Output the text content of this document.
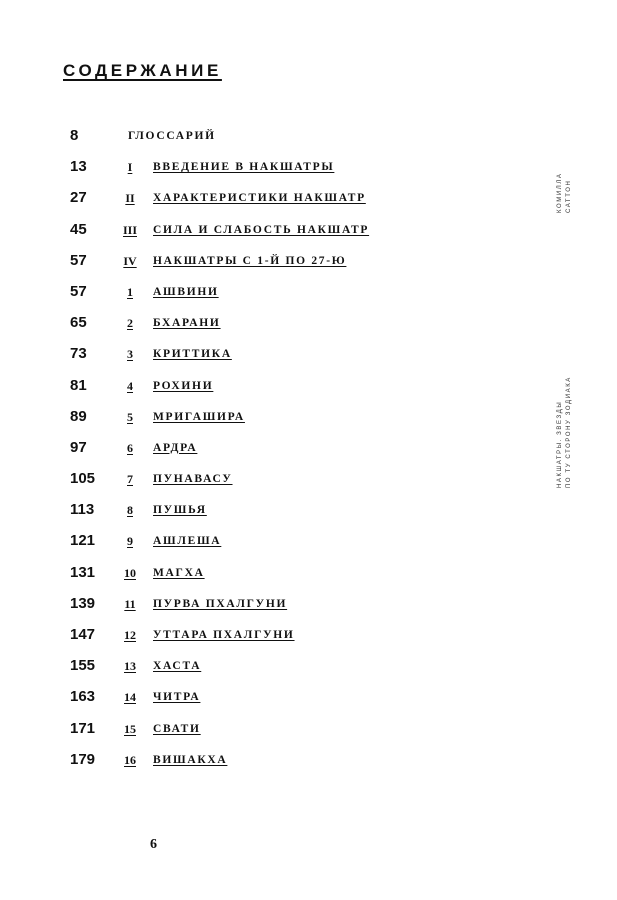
СОДЕРЖАНИЕ
8	ГЛОССАРИЙ
13	I	ВВЕДЕНИЕ В НАКШАТРЫ
27	II	ХАРАКТЕРИСТИКИ НАКШАТР
45	III	СИЛА И СЛАБОСТЬ НАКШАТР
57	IV	НАКШАТРЫ С 1-Й ПО 27-Ю
57	1	АШВИНИ
65	2	БХАРАНИ
73	3	КРИТТИКА
81	4	РОХИНИ
89	5	МРИГАШИРА
97	6	АРДРА
105	7	ПУНАВАСУ
113	8	ПУШЬЯ
121	9	АШЛЕША
131	10	МАГХА
139	11	ПУРВА ПХАЛГУНИ
147	12	УТТАРА ПХАЛГУНИ
155	13	ХАСТА
163	14	ЧИТРА
171	15	СВАТИ
179	16	ВИШАКХА
КОМИЛЛА САТТОН
НАКШАТРЫ. ЗВЕЗДЫ ПО ТУ СТОРОНУ ЗОДИАКА
6
